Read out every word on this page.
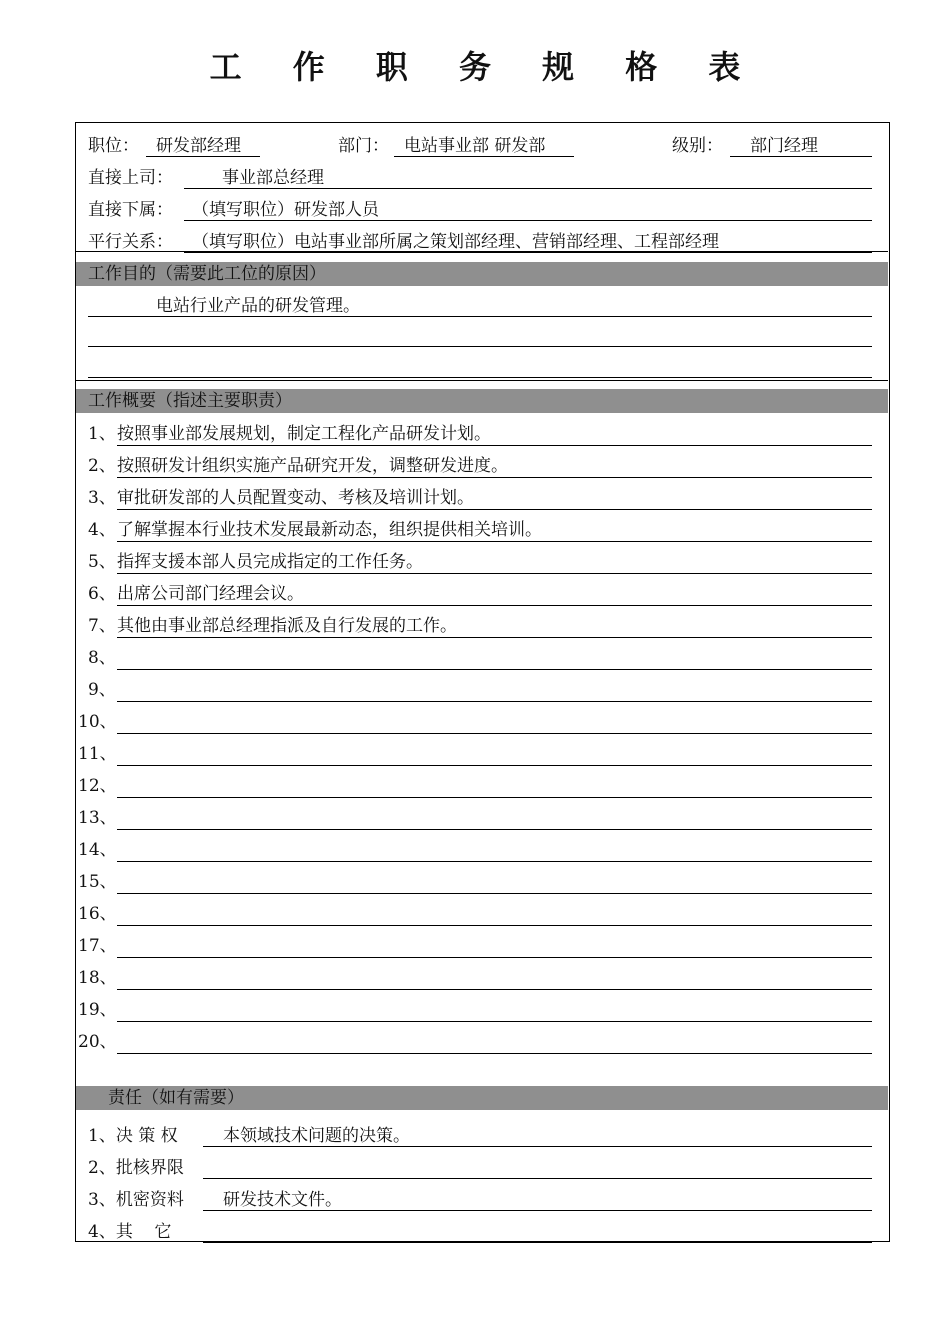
工 作 职 务 规 格 表
职位：	研发部经理	部门： 电站事业部 研发部	级别：	部门经理
直接上司：	事业部总经理
直接下属：	（填写职位）研发部人员
平行关系：	（填写职位）电站事业部所属之策划部经理、营销部经理、工程部经理
工作目的（需要此工位的原因）
电站行业产品的研发管理。
工作概要（指述主要职责）
1、 按照事业部发展规划，制定工程化产品研发计划。
2、 按照研发计组织实施产品研究开发，调整研发进度。
3、 审批研发部的人员配置变动、考核及培训计划。
4、 了解掌握本行业技术发展最新动态，组织提供相关培训。
5、 指挥支援本部人员完成指定的工作任务。
6、 出席公司部门经理会议。
7、 其他由事业部总经理指派及自行发展的工作。
8、
9、
10、
11、
12、
13、
14、
15、
16、
17、
18、
19、
20、
责任（如有需要）
1、决 策 权	本领域技术问题的决策。
2、批核界限
3、机密资料	研发技术文件。
4、其    它
